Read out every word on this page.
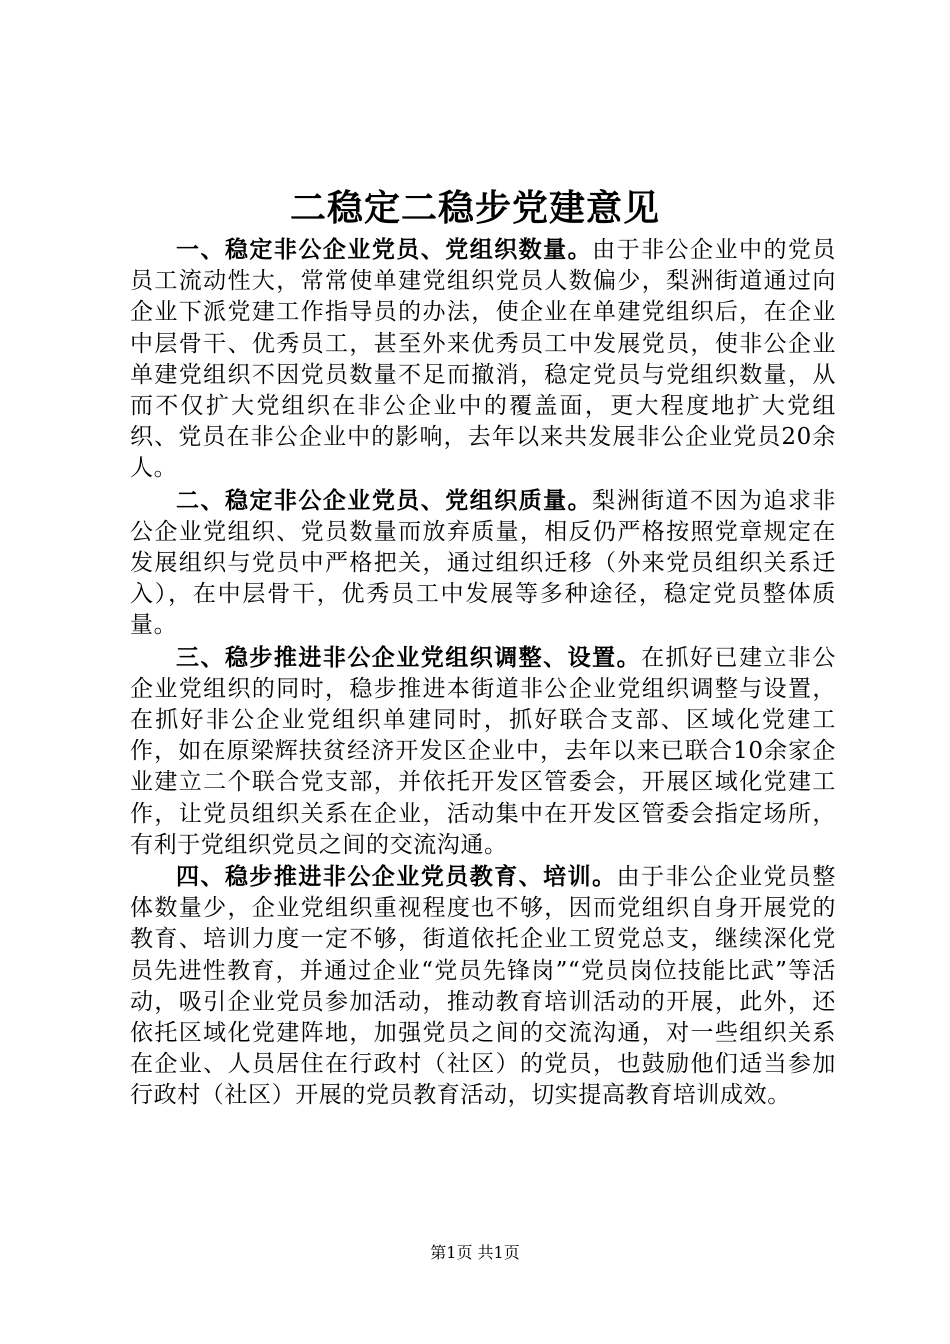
二稳定二稳步党建意见

一、稳定非公企业党员、党组织数量。由于非公企业中的党员员工流动性大，常常使单建党组织党员人数偏少，梨洲街道通过向企业下派党建工作指导员的办法，使企业在单建党组织后，在企业中层骨干、优秀员工，甚至外来优秀员工中发展党员，使非公企业单建党组织不因党员数量不足而撤消，稳定党员与党组织数量，从而不仅扩大党组织在非公企业中的覆盖面，更大程度地扩大党组织、党员在非公企业中的影响，去年以来共发展非公企业党员20余人。

二、稳定非公企业党员、党组织质量。梨洲街道不因为追求非公企业党组织、党员数量而放弃质量，相反仍严格按照党章规定在发展组织与党员中严格把关，通过组织迁移（外来党员组织关系迁入），在中层骨干，优秀员工中发展等多种途径，稳定党员整体质量。

三、稳步推进非公企业党组织调整、设置。在抓好已建立非公企业党组织的同时，稳步推进本街道非公企业党组织调整与设置，在抓好非公企业党组织单建同时，抓好联合支部、区域化党建工作，如在原梁辉扶贫经济开发区企业中，去年以来已联合10余家企业建立二个联合党支部，并依托开发区管委会，开展区域化党建工作，让党员组织关系在企业，活动集中在开发区管委会指定场所，有利于党组织党员之间的交流沟通。

四、稳步推进非公企业党员教育、培训。由于非公企业党员整体数量少，企业党组织重视程度也不够，因而党组织自身开展党的教育、培训力度一定不够，街道依托企业工贸党总支，继续深化党员先进性教育，并通过企业“党员先锋岗”“党员岗位技能比武”等活动，吸引企业党员参加活动，推动教育培训活动的开展，此外，还依托区域化党建阵地，加强党员之间的交流沟通，对一些组织关系在企业、人员居住在行政村（社区）的党员，也鼓励他们适当参加行政村（社区）开展的党员教育活动，切实提高教育培训成效。

第1页 共1页
